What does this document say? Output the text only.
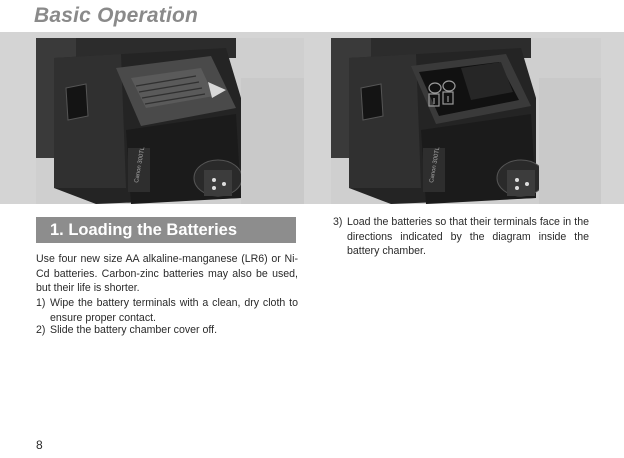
Basic Operation
Canon 300TL	Canon 300TL
1. Loading the Batteries
Use four new size AA alkaline-manganese (LR6) or Ni-Cd batteries. Carbon-zinc batteries may also be used, but their life is shorter.
1) Wipe the battery terminals with a clean, dry cloth to ensure proper contact.
2) Slide the battery chamber cover off.
3) Load the batteries so that their terminals face in the directions indicated by the diagram inside the battery chamber.
8
